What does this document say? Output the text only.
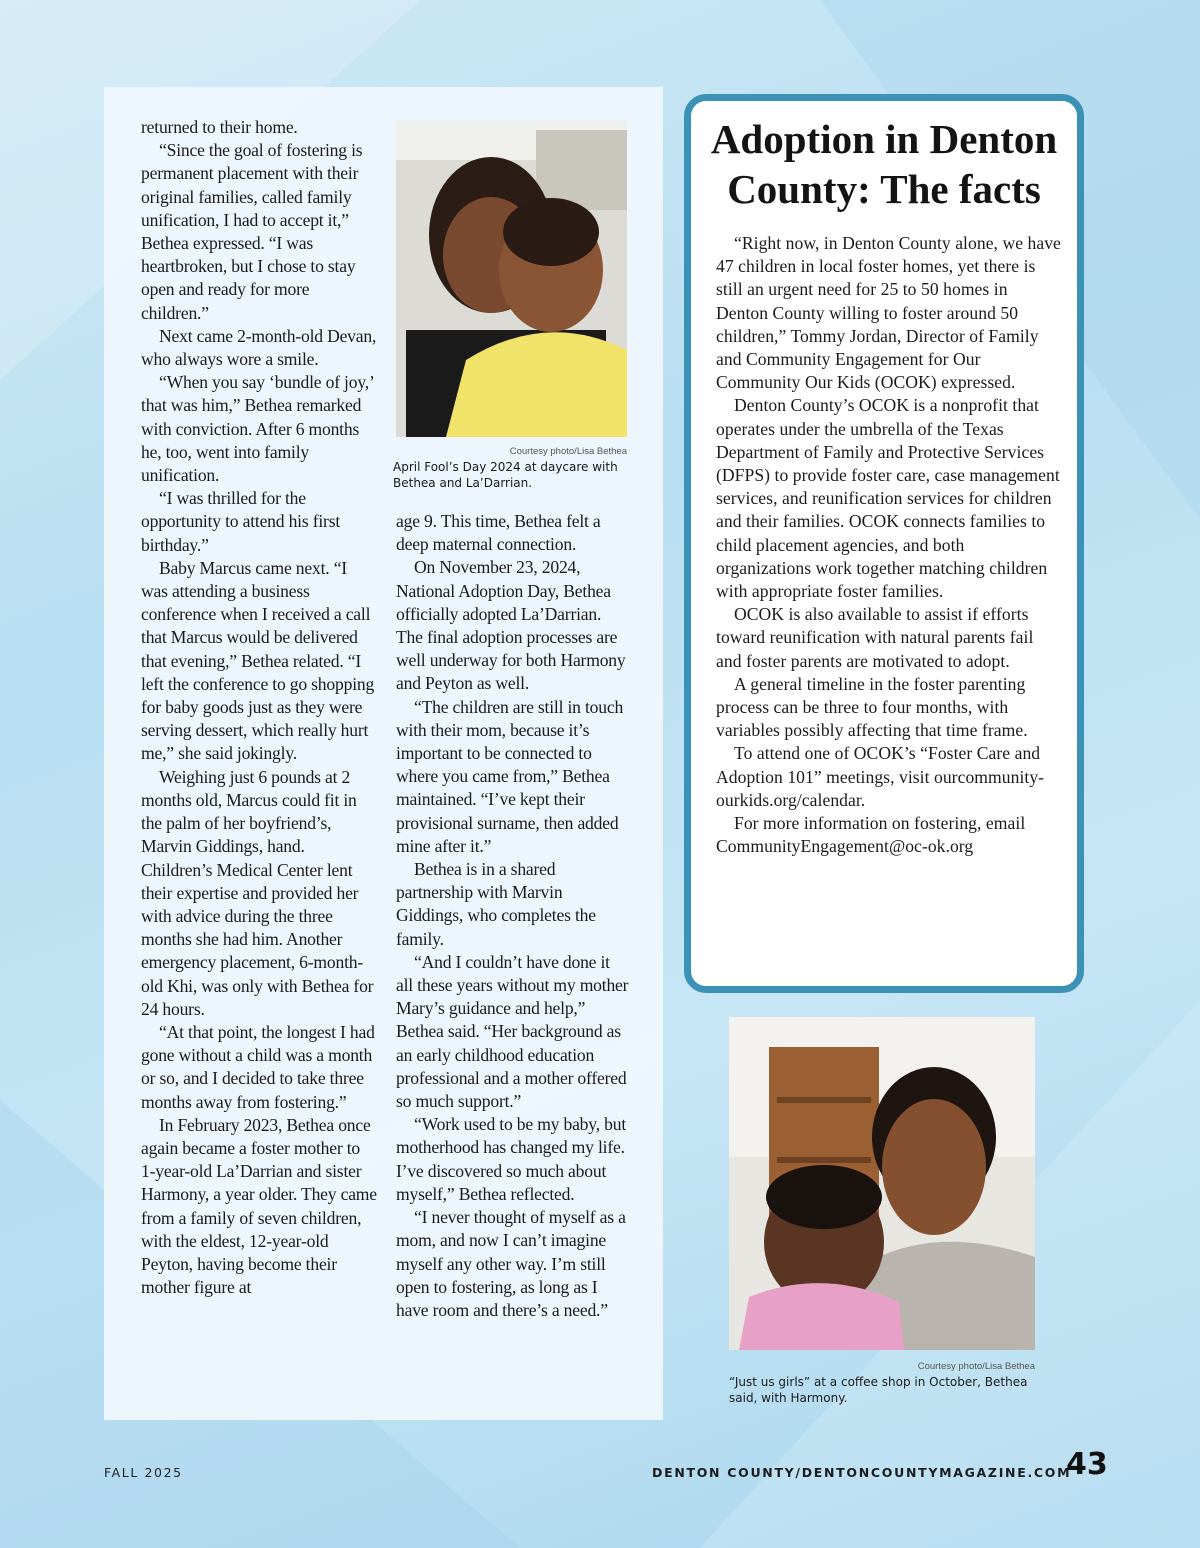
returned to their home.

“Since the goal of fostering is permanent placement with their original families, called family unification, I had to accept it,” Bethea expressed. “I was heartbroken, but I chose to stay open and ready for more children.”

Next came 2-month-old Devan, who always wore a smile.

“When you say ‘bundle of joy,’ that was him,” Bethea remarked with conviction. After 6 months he, too, went into family unification.

“I was thrilled for the opportunity to attend his first birthday.”

Baby Marcus came next. “I was attending a business conference when I received a call that Marcus would be delivered that evening,” Bethea related. “I left the conference to go shopping for baby goods just as they were serving dessert, which really hurt me,” she said jokingly.

Weighing just 6 pounds at 2 months old, Marcus could fit in the palm of her boyfriend’s, Marvin Giddings, hand. Children’s Medical Center lent their expertise and provided her with advice during the three months she had him. Another emergency placement, 6-month-old Khi, was only with Bethea for 24 hours.

“At that point, the longest I had gone without a child was a month or so, and I decided to take three months away from fostering.”

In February 2023, Bethea once again became a foster mother to 1-year-old La’Darrian and sister Harmony, a year older. They came from a family of seven children, with the eldest, 12-year-old Peyton, having become their mother figure at

Courtesy photo/Lisa Bethea
April Fool’s Day 2024 at daycare with Bethea and La’Darrian.

age 9. This time, Bethea felt a deep maternal connection.

On November 23, 2024, National Adoption Day, Bethea officially adopted La’Darrian. The final adoption processes are well underway for both Harmony and Peyton as well.

“The children are still in touch with their mom, because it’s important to be connected to where you came from,” Bethea maintained. “I’ve kept their provisional surname, then added mine after it.”

Bethea is in a shared partnership with Marvin Giddings, who completes the family.

“And I couldn’t have done it all these years without my mother Mary’s guidance and help,” Bethea said. “Her background as an early childhood education professional and a mother offered so much support.”

“Work used to be my baby, but motherhood has changed my life. I’ve discovered so much about myself,” Bethea reflected.

“I never thought of myself as a mom, and now I can’t imagine myself any other way. I’m still open to fostering, as long as I have room and there’s a need.”

Adoption in Denton County: The facts

“Right now, in Denton County alone, we have 47 children in local foster homes, yet there is still an urgent need for 25 to 50 homes in Denton County willing to foster around 50 children,” Tommy Jordan, Director of Family and Community Engagement for Our Community Our Kids (OCOK) expressed.

Denton County’s OCOK is a nonprofit that operates under the umbrella of the Texas Department of Family and Protective Services (DFPS) to provide foster care, case management services, and reunification services for children and their families. OCOK connects families to child placement agencies, and both organizations work together matching children with appropriate foster families.

OCOK is also available to assist if efforts toward reunification with natural parents fail and foster parents are motivated to adopt.

A general timeline in the foster parenting process can be three to four months, with variables possibly affecting that time frame.

To attend one of OCOK’s “Foster Care and Adoption 101” meetings, visit ourcommunity-ourkids.org/calendar.

For more information on fostering, email CommunityEngagement@oc-ok.org

Courtesy photo/Lisa Bethea
“Just us girls” at a coffee shop in October, Bethea said, with Harmony.
FALL 2025	DENTON COUNTY/DENTONCOUNTYMAGAZINE.COM
43
